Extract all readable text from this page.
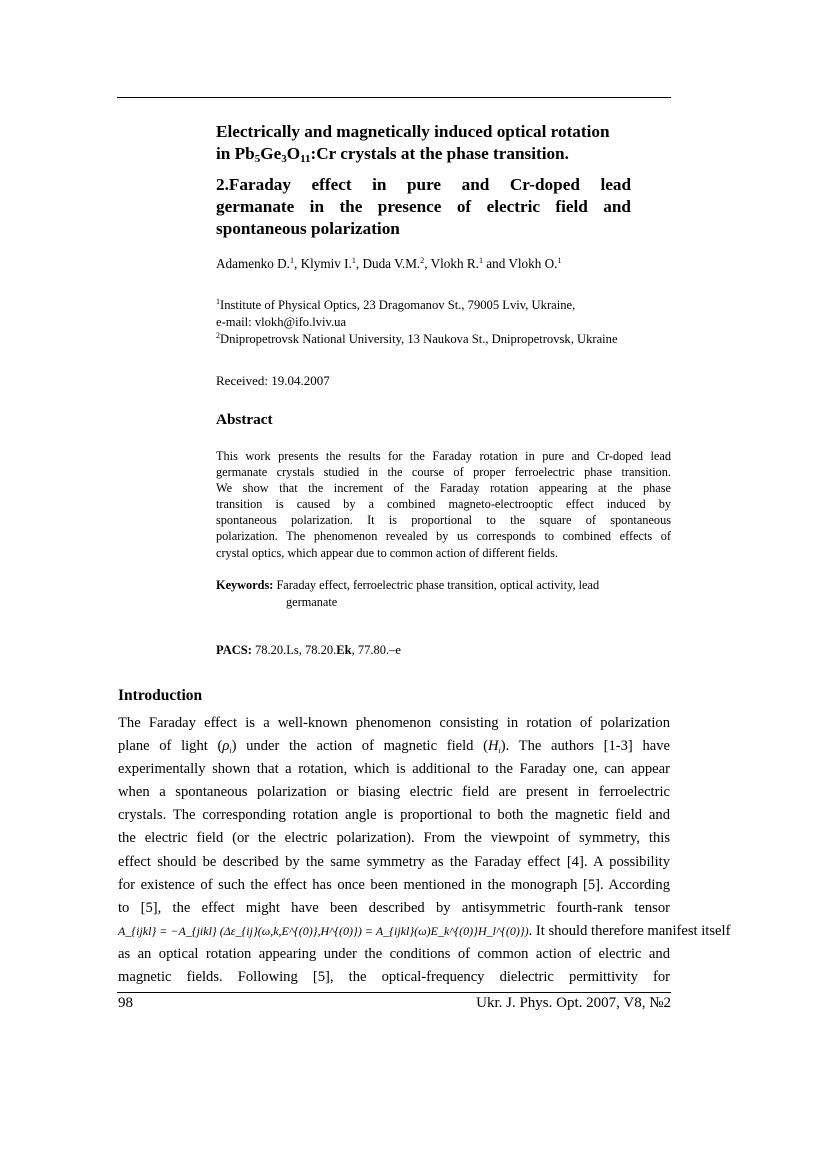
Electrically and magnetically induced optical rotation
in $Pb_5Ge_3O_{11}:Cr$ crystals at the phase transition.
2.Faraday effect in pure and Cr-doped lead
germanate in the presence of electric field and
spontaneous polarization
Adamenko D.$^1$, Klymiv I.$^1$, Duda V.M.$^2$, Vlokh R.$^1$ and Vlokh O.$^1$
$^1$Institute of Physical Optics, 23 Dragomanov St., 79005 Lviv, Ukraine,
e-mail: vlokh@ifo.lviv.ua
$^2$Dnipropetrovsk National University, 13 Naukova St., Dnipropetrovsk, Ukraine
Received: 19.04.2007
Abstract
This work presents the results for the Faraday rotation in pure and Cr-doped lead
germanate crystals studied in the course of proper ferroelectric phase transition.
We show that the increment of the Faraday rotation appearing at the phase
transition is caused by a combined magneto-electrooptic effect induced by
spontaneous polarization. It is proportional to the square of spontaneous
polarization. The phenomenon revealed by us corresponds to combined effects of
crystal optics, which appear due to common action of different fields.
Keywords: Faraday effect, ferroelectric phase transition, optical activity, lead
germanate
PACS: 78.20.Ls, 78.20.Ek, 77.80.–e
Introduction
The Faraday effect is a well-known phenomenon consisting in rotation of polarization
plane of light $(\rho_i)$ under the action of magnetic field $(H_i)$. The authors [1-3] have
experimentally shown that a rotation, which is additional to the Faraday one, can appear
when a spontaneous polarization or biasing electric field are present in ferroelectric
crystals. The corresponding rotation angle is proportional to both the magnetic field and
the electric field (or the electric polarization). From the viewpoint of symmetry, this
effect should be described by the same symmetry as the Faraday effect [4]. A possibility
for existence of such the effect has once been mentioned in the monograph [5]. According
to [5], the effect might have been described by antisymmetric fourth-rank tensor
A_{ijkl} = −A_{jikl} (Δε_{ij}(ω,k,E^{(0)},H^{(0)}) = A_{ijkl}(ω)E_k^{(0)}H_l^{(0)}). It should therefore manifest itself
as an optical rotation appearing under the conditions of common action of electric and
magnetic fields. Following [5], the optical-frequency dielectric permittivity for
98	Ukr. J. Phys. Opt. 2007, V8, №2
